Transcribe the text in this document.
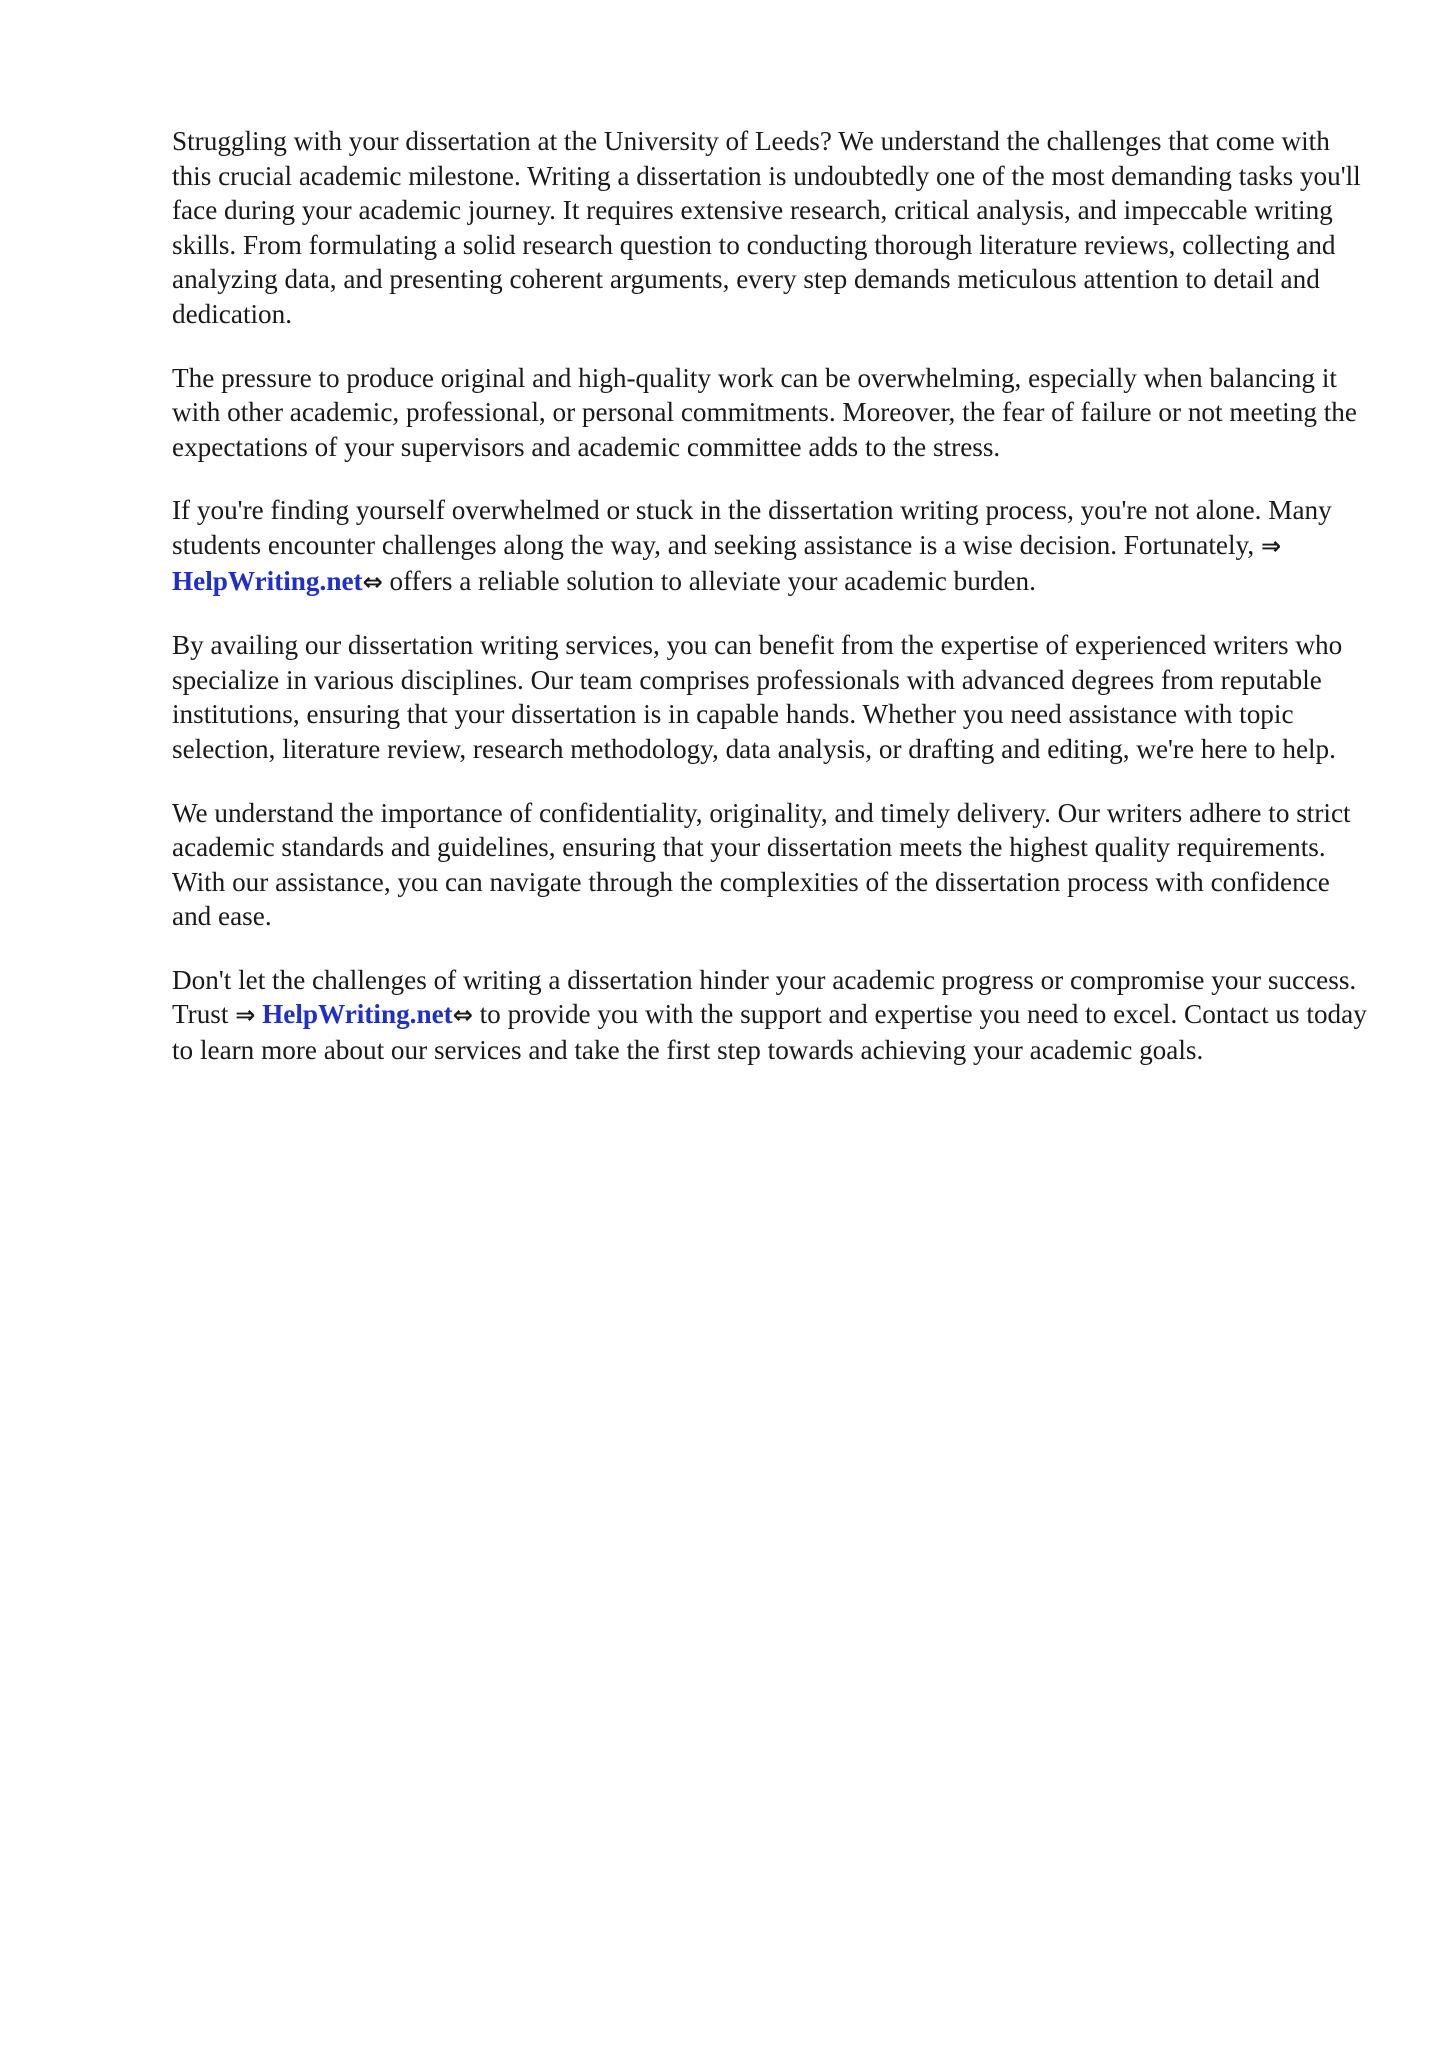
Struggling with your dissertation at the University of Leeds? We understand the challenges that come with this crucial academic milestone. Writing a dissertation is undoubtedly one of the most demanding tasks you'll face during your academic journey. It requires extensive research, critical analysis, and impeccable writing skills. From formulating a solid research question to conducting thorough literature reviews, collecting and analyzing data, and presenting coherent arguments, every step demands meticulous attention to detail and dedication.

The pressure to produce original and high-quality work can be overwhelming, especially when balancing it with other academic, professional, or personal commitments. Moreover, the fear of failure or not meeting the expectations of your supervisors and academic committee adds to the stress.

If you're finding yourself overwhelmed or stuck in the dissertation writing process, you're not alone. Many students encounter challenges along the way, and seeking assistance is a wise decision. Fortunately, ⇒ HelpWriting.net⇔ offers a reliable solution to alleviate your academic burden.

By availing our dissertation writing services, you can benefit from the expertise of experienced writers who specialize in various disciplines. Our team comprises professionals with advanced degrees from reputable institutions, ensuring that your dissertation is in capable hands. Whether you need assistance with topic selection, literature review, research methodology, data analysis, or drafting and editing, we're here to help.

We understand the importance of confidentiality, originality, and timely delivery. Our writers adhere to strict academic standards and guidelines, ensuring that your dissertation meets the highest quality requirements. With our assistance, you can navigate through the complexities of the dissertation process with confidence and ease.

Don't let the challenges of writing a dissertation hinder your academic progress or compromise your success. Trust ⇒ HelpWriting.net⇔ to provide you with the support and expertise you need to excel. Contact us today to learn more about our services and take the first step towards achieving your academic goals.
